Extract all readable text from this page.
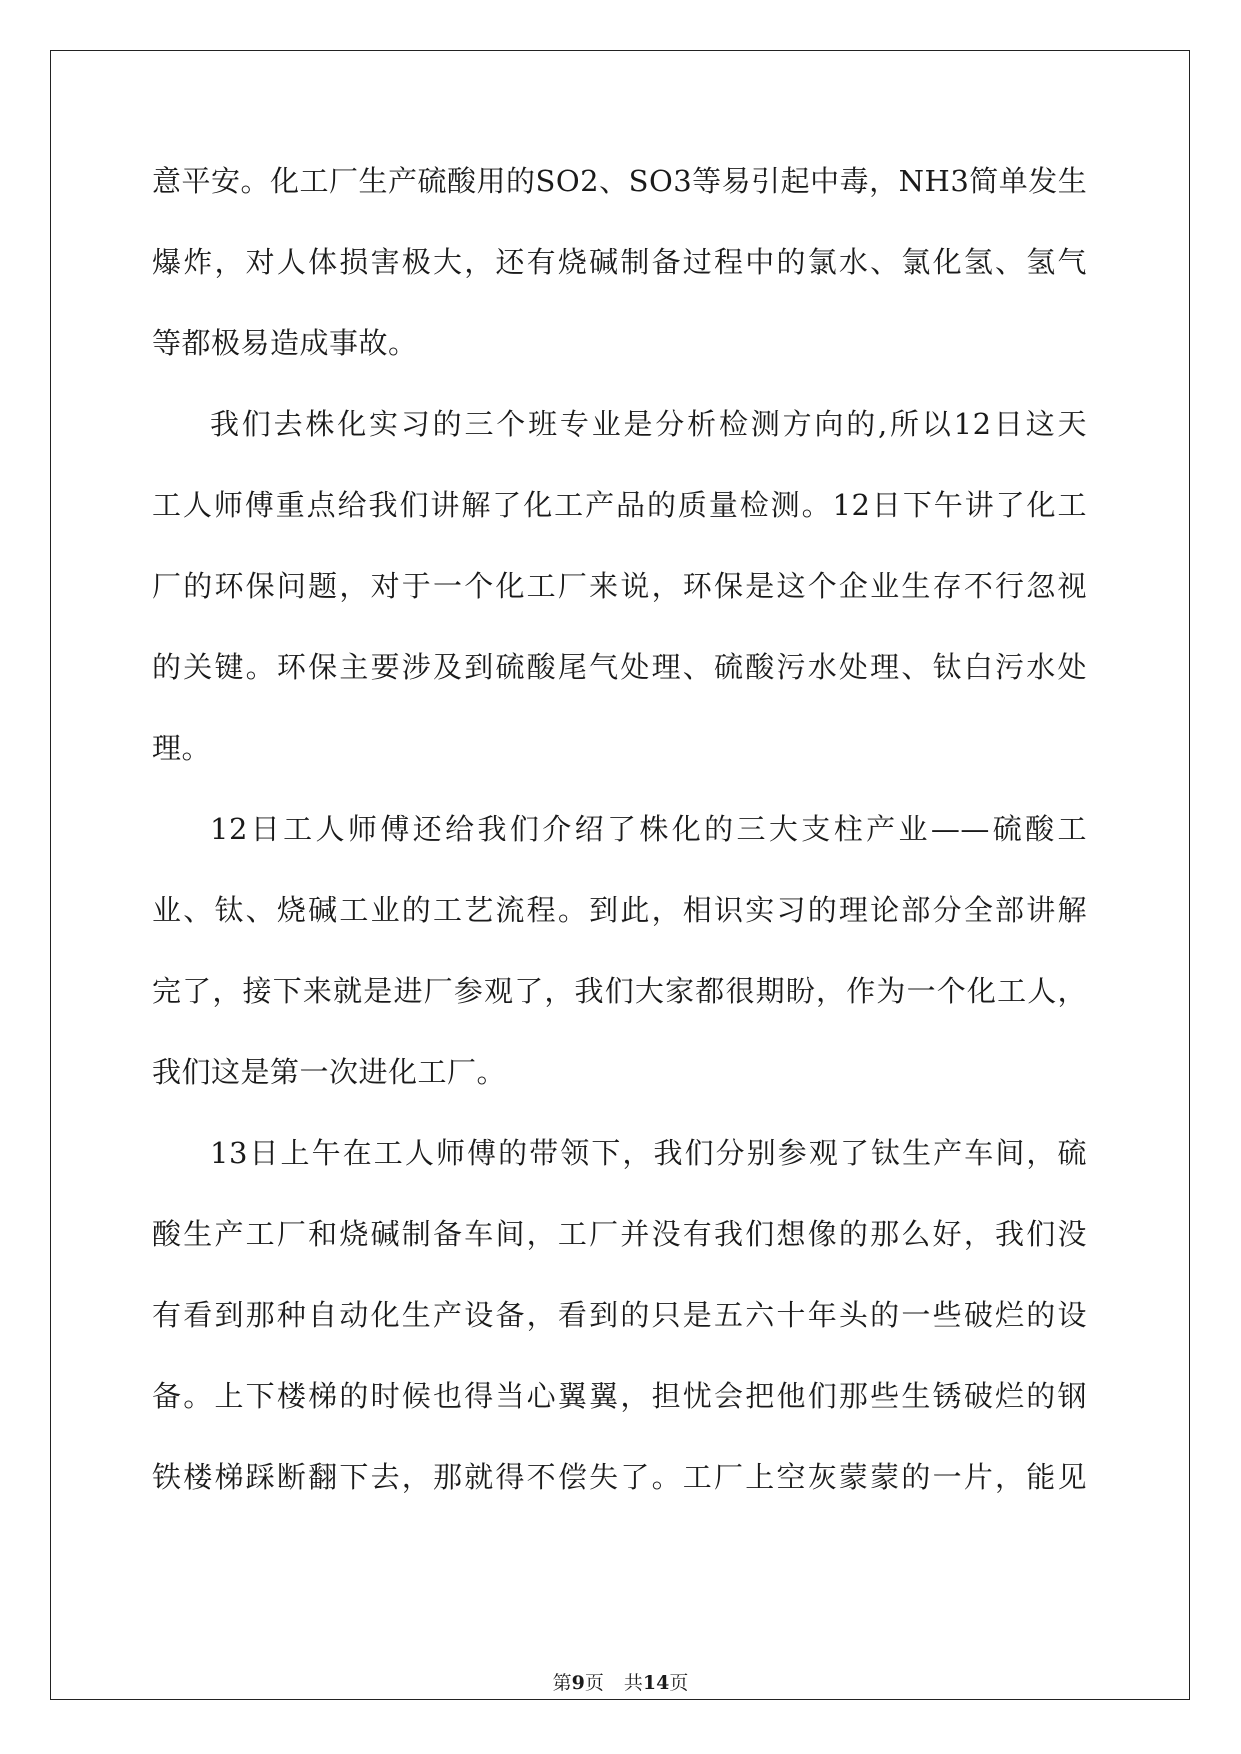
意平安。化工厂生产硫酸用的SO2、SO3等易引起中毒，NH3简单发生
爆炸，对人体损害极大，还有烧碱制备过程中的氯水、氯化氢、氢气
等都极易造成事故。
我们去株化实习的三个班专业是分析检测方向的,所以12日这天
工人师傅重点给我们讲解了化工产品的质量检测。12日下午讲了化工
厂的环保问题，对于一个化工厂来说，环保是这个企业生存不行忽视
的关键。环保主要涉及到硫酸尾气处理、硫酸污水处理、钛白污水处
理。
12日工人师傅还给我们介绍了株化的三大支柱产业——硫酸工
业、钛、烧碱工业的工艺流程。到此，相识实习的理论部分全部讲解
完了，接下来就是进厂参观了，我们大家都很期盼，作为一个化工人，
我们这是第一次进化工厂。
13日上午在工人师傅的带领下，我们分别参观了钛生产车间，硫
酸生产工厂和烧碱制备车间，工厂并没有我们想像的那么好，我们没
有看到那种自动化生产设备，看到的只是五六十年头的一些破烂的设
备。上下楼梯的时候也得当心翼翼，担忧会把他们那些生锈破烂的钢
铁楼梯踩断翻下去，那就得不偿失了。工厂上空灰蒙蒙的一片，能见
第9页 共14页
